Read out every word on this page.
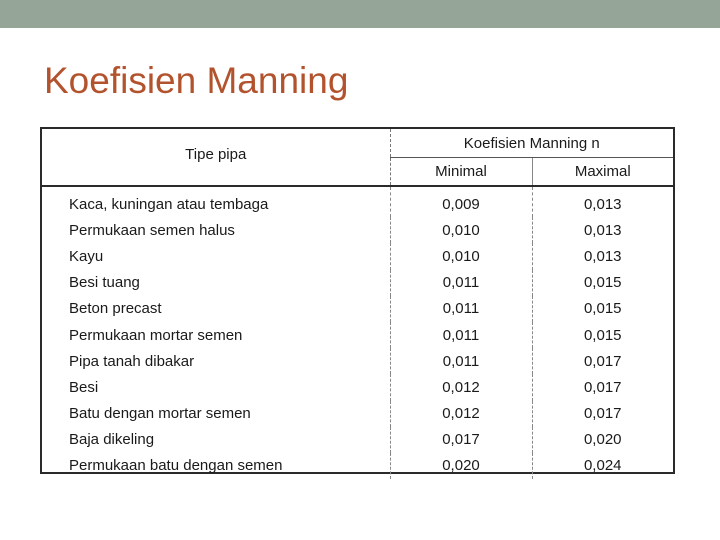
Koefisien Manning
Tipe pipa	Koefisien Manning n	
	Minimal	Maximal
Kaca, kuningan atau tembaga	0,009	0,013
Permukaan semen halus	0,010	0,013
Kayu	0,010	0,013
Besi tuang	0,011	0,015
Beton precast	0,011	0,015
Permukaan mortar semen	0,011	0,015
Pipa tanah dibakar	0,011	0,017
Besi	0,012	0,017
Batu dengan mortar semen	0,012	0,017
Baja dikeling	0,017	0,020
Permukaan batu dengan semen	0,020	0,024
